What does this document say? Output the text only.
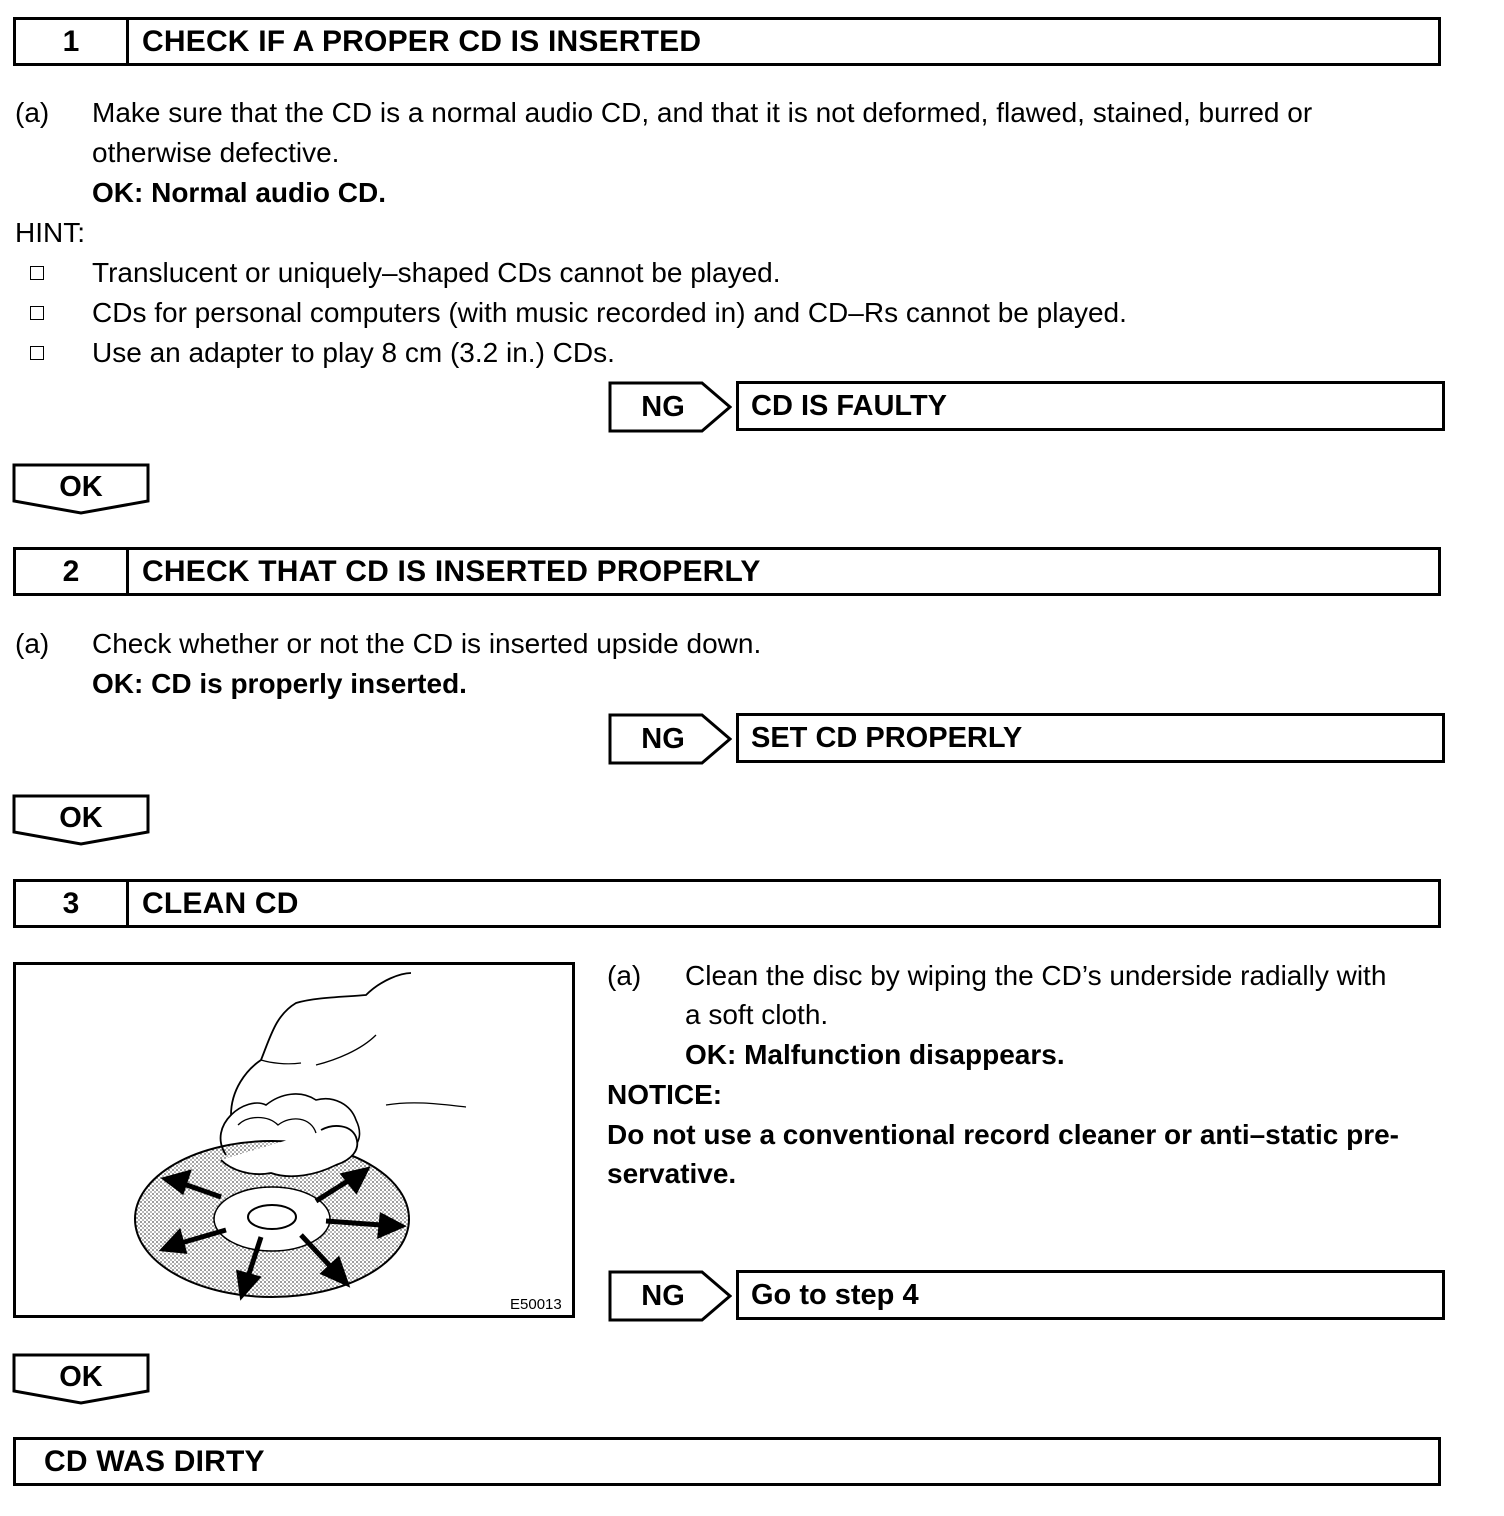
1	CHECK IF A PROPER CD IS INSERTED
(a) Make sure that the CD is a normal audio CD, and that it is not deformed, flawed, stained, burred or
otherwise defective.
OK: Normal audio CD.
HINT:
Translucent or uniquely–shaped CDs cannot be played.
CDs for personal computers (with music recorded in) and CD–Rs cannot be played.
Use an adapter to play 8 cm (3.2 in.) CDs.
NG	CD IS FAULTY
OK
2	CHECK THAT CD IS INSERTED PROPERLY
(a) Check whether or not the CD is inserted upside down.
OK: CD is properly inserted.
NG	SET CD PROPERLY
OK
3	CLEAN CD
E50013
(a) Clean the disc by wiping the CD’s underside radially with
a soft cloth.
OK: Malfunction disappears.
NOTICE:
Do not use a conventional record cleaner or anti–static pre-
servative.
NG	Go to step 4
OK
CD WAS DIRTY
